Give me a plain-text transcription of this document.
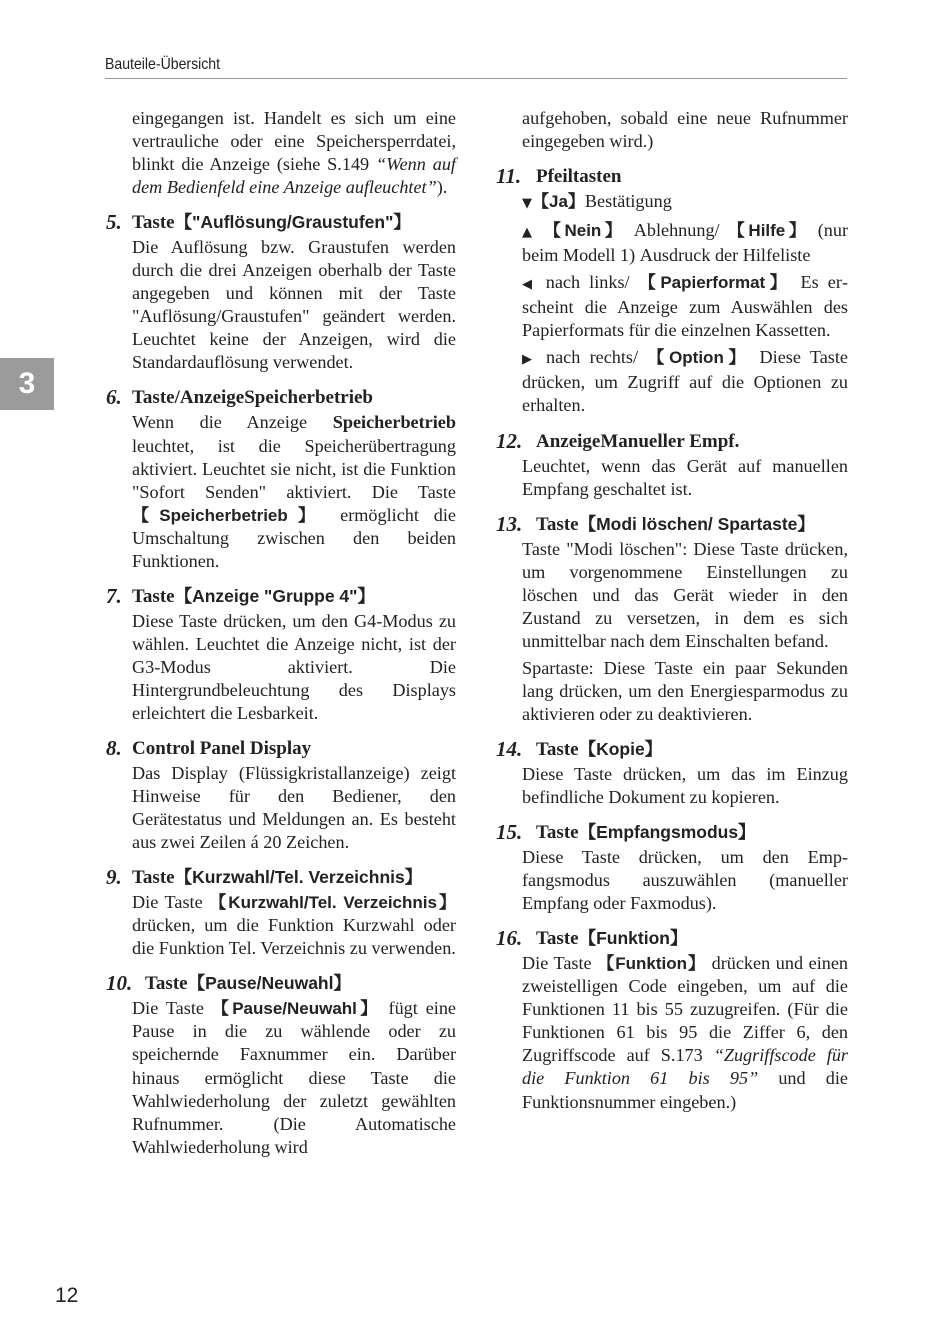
Bauteile-Übersicht
3

eingegangen ist. Handelt es sich um eine vertrauliche oder eine Speichersperrdatei, blinkt die Anzeige (siehe S.149 “Wenn auf dem Bedienfeld eine Anzeige aufleuchtet”).

5. Taste【"Auflösung/Graustufen"】

Die Auflösung bzw. Graustufen werden durch die drei Anzeigen oberhalb der Taste angegeben und können mit der Taste "Auflösung/Graustufen" geändert werden. Leuchtet keine der Anzeigen, wird die Standardauflösung verwendet.

6. Taste/AnzeigeSpeicherbetrieb

Wenn die Anzeige Speicherbetrieb leuchtet, ist die Speicherübertragung aktiviert. Leuchtet sie nicht, ist die Funktion "Sofort Senden" aktiviert. Die Taste 【Speicherbetrieb】 ermöglicht die Umschaltung zwischen den beiden Funktionen.

7. Taste【Anzeige "Gruppe 4"】

Diese Taste drücken, um den G4-Modus zu wählen. Leuchtet die Anzeige nicht, ist der G3-Modus aktiviert. Die Hintergrundbeleuchtung des Displays erleichtert die Lesbarkeit.

8. Control Panel Display

Das Display (Flüssigkristallanzeige) zeigt Hinweise für den Bediener, den Gerätestatus und Meldungen an. Es besteht aus zwei Zeilen á 20 Zeichen.

9. Taste【Kurzwahl/Tel. Verzeichnis】

Die Taste 【Kurzwahl/Tel. Verzeichnis】 drücken, um die Funktion Kurzwahl oder die Funktion Tel. Verzeichnis zu verwenden.

10. Taste【Pause/Neuwahl】

Die Taste 【Pause/Neuwahl】 fügt eine Pause in die zu wählende oder zu speichernde Faxnummer ein. Darüber hinaus ermöglicht diese Taste die Wahlwiederholung der zuletzt gewählten Rufnummer. (Die Automatische Wahlwiederholung wird

aufgehoben, sobald eine neue Rufnummer eingegeben wird.)

11. Pfeiltasten

▼【Ja】Bestätigung

▲ 【Nein】 Ablehnung/ 【Hilfe】 (nur beim Modell 1) Ausdruck der Hilfeliste

◀ nach links/ 【Papierformat】 Es erscheint die Anzeige zum Auswählen des Papierformats für die einzelnen Kassetten.

▶ nach rechts/ 【Option】 Diese Taste drücken, um Zugriff auf die Optionen zu erhalten.

12. AnzeigeManueller Empf.

Leuchtet, wenn das Gerät auf manuellen Empfang geschaltet ist.

13. Taste【Modi löschen/ Spartaste】

Taste "Modi löschen": Diese Taste drücken, um vorgenommene Einstellungen zu löschen und das Gerät wieder in den Zustand zu versetzen, in dem es sich unmittelbar nach dem Einschalten befand.

Spartaste: Diese Taste ein paar Sekunden lang drücken, um den Energiesparmodus zu aktivieren oder zu deaktivieren.

14. Taste【Kopie】

Diese Taste drücken, um das im Einzug befindliche Dokument zu kopieren.

15. Taste【Empfangsmodus】

Diese Taste drücken, um den Empfangsmodus auszuwählen (manueller Empfang oder Faxmodus).

16. Taste【Funktion】

Die Taste 【Funktion】 drücken und einen zweistelligen Code eingeben, um auf die Funktionen 11 bis 55 zuzugreifen. (Für die Funktionen 61 bis 95 die Ziffer 6, den Zugriffscode auf S.173 “Zugriffscode für die Funktion 61 bis 95” und die Funktionsnummer eingeben.)

12
